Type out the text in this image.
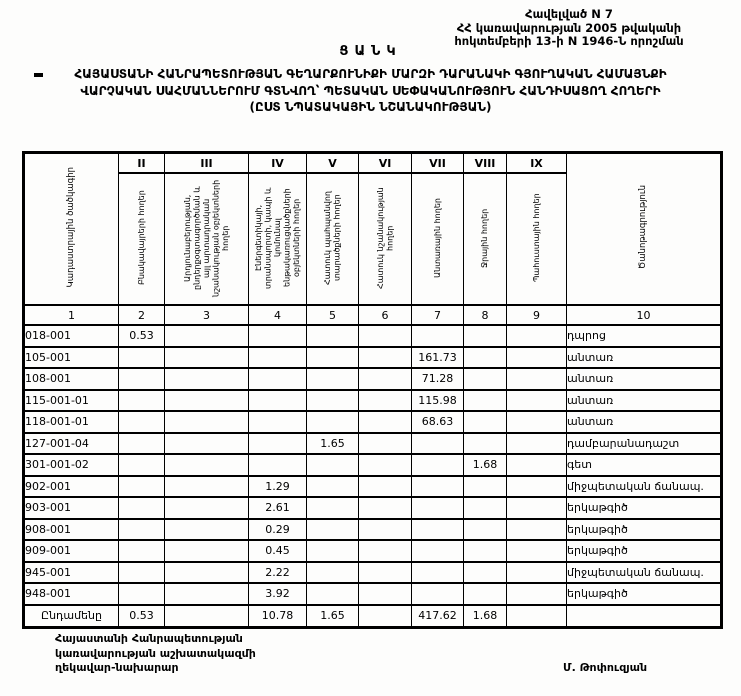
Հավելված N 7
ՀՀ կառավարության 2005 թվականի
հոկտեմբերի 13-ի N 1946-Ն որոշման
ՑԱՆԿ
ՀԱՅԱՍՏԱՆԻ ՀԱՆՐԱՊԵՏՈՒԹՅԱՆ ԳԵՂԱՐՔՈՒՆԻՔԻ ՄԱՐԶԻ ԴԱՐԱՆԱԿԻ ԳՅՈՒՂԱԿԱՆ ՀԱՄԱՅՆՔԻ
ՎԱՐՉԱԿԱՆ ՍԱՀՄԱՆՆԵՐՈՒՄ ԳՏՆՎՈՂ՝ ՊԵՏԱԿԱՆ ՍԵՓԱԿԱՆՈՒԹՅՈՒՆ ՀԱՆԴԻՍԱՑՈՂ ՀՈՂԵՐԻ
(ԸՍՏ ՆՊԱՏԱԿԱՅԻՆ ՆՇԱՆԱԿՈՒԹՅԱՆ)
Կադաստրային ծածկագիր	II	III	IV	V	VI	VII	VIII	IX	Ծանոթագրություն
	Բնակավայրերի հողեր	Արդյունաբերության, ընդերքօգտագործման և այլ արտադրական նշանակության օբյեկտների հողեր	Էներգետիկայի, տրանսպորտի, կապի և կոմունալ ենթակառուցվածքների օբյեկտների հողեր	Հատուկ պահպանվող տարածքների հողեր	Հատուկ նշանակության հողեր	Անտառային հողեր	Ջրային հողեր	Պահուստային հողեր	
1	2	3	4	5	6	7	8	9	10
018-001	0.53								դպրոց
105-001						161.73			անտառ
108-001						71.28			անտառ
115-001-01						115.98			անտառ
118-001-01						68.63			անտառ
127-001-04				1.65					դամբարանադաշտ
301-001-02							1.68		գետ
902-001			1.29						միջպետական ճանապ.
903-001			2.61						երկաթգիծ
908-001			0.29						երկաթգիծ
909-001			0.45						երկաթգիծ
945-001			2.22						միջպետական ճանապ.
948-001			3.92						երկաթգիծ
Ընդամենը	0.53		10.78	1.65		417.62	1.68		
Հայաստանի Հանրապետության
կառավարության աշխատակազմի
ղեկավար-նախարար	Մ. Թոփուզյան
